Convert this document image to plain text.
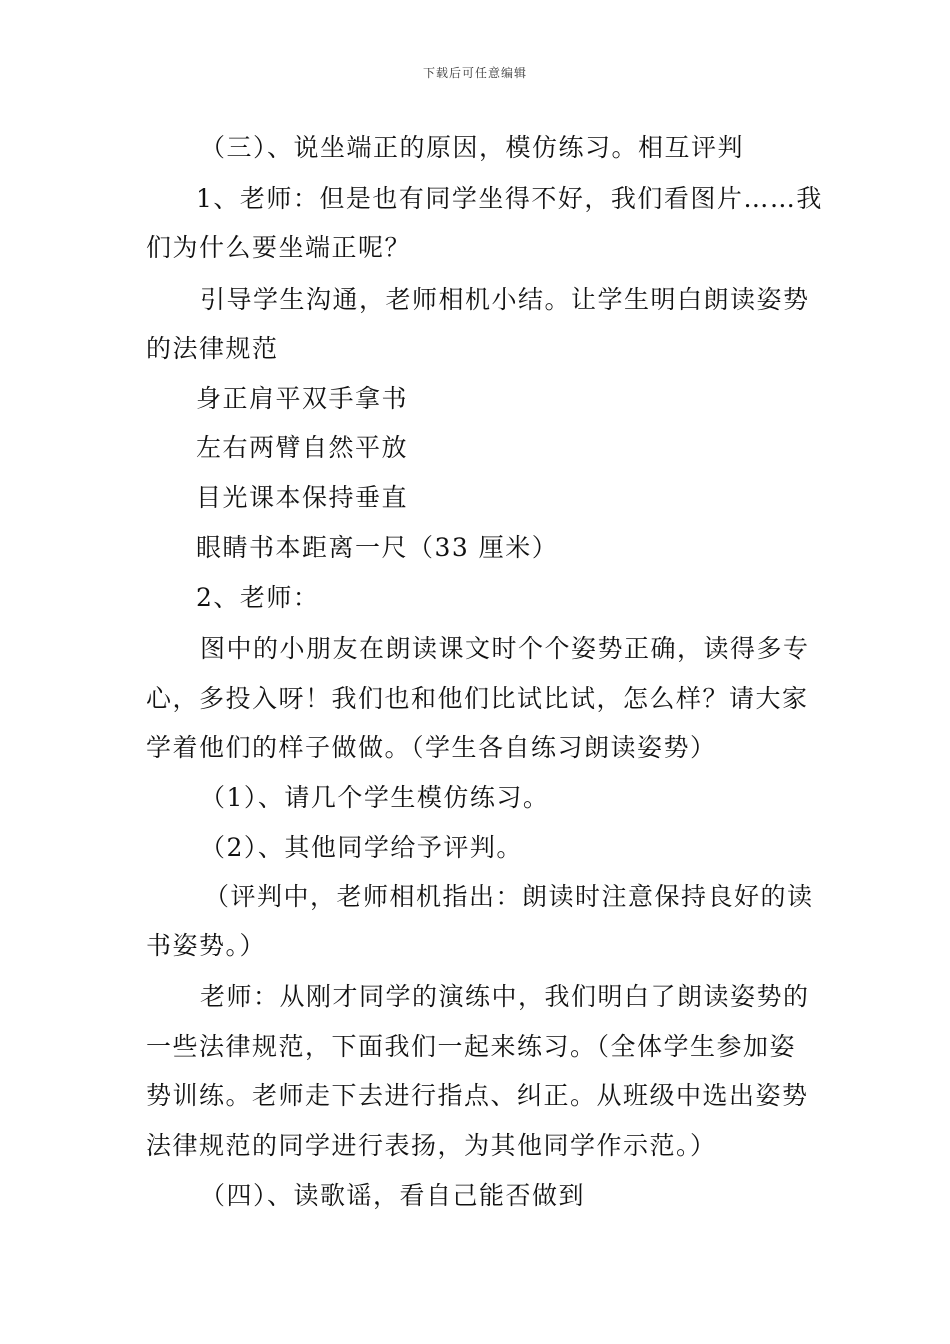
下载后可任意编辑
（三）、说坐端正的原因，模仿练习。相互评判
1、老师：但是也有同学坐得不好，我们看图片……我
们为什么要坐端正呢？
引导学生沟通，老师相机小结。让学生明白朗读姿势
的法律规范
身正肩平双手拿书
左右两臂自然平放
目光课本保持垂直
眼睛书本距离一尺（33 厘米）
2、老师：
图中的小朋友在朗读课文时个个姿势正确，读得多专
心，多投入呀！我们也和他们比试比试，怎么样？请大家
学着他们的样子做做。（学生各自练习朗读姿势）
（1）、请几个学生模仿练习。
（2）、其他同学给予评判。
（评判中，老师相机指出：朗读时注意保持良好的读
书姿势。）
老师：从刚才同学的演练中，我们明白了朗读姿势的
一些法律规范，下面我们一起来练习。（全体学生参加姿
势训练。老师走下去进行指点、纠正。从班级中选出姿势
法律规范的同学进行表扬，为其他同学作示范。）
（四）、读歌谣，看自己能否做到
